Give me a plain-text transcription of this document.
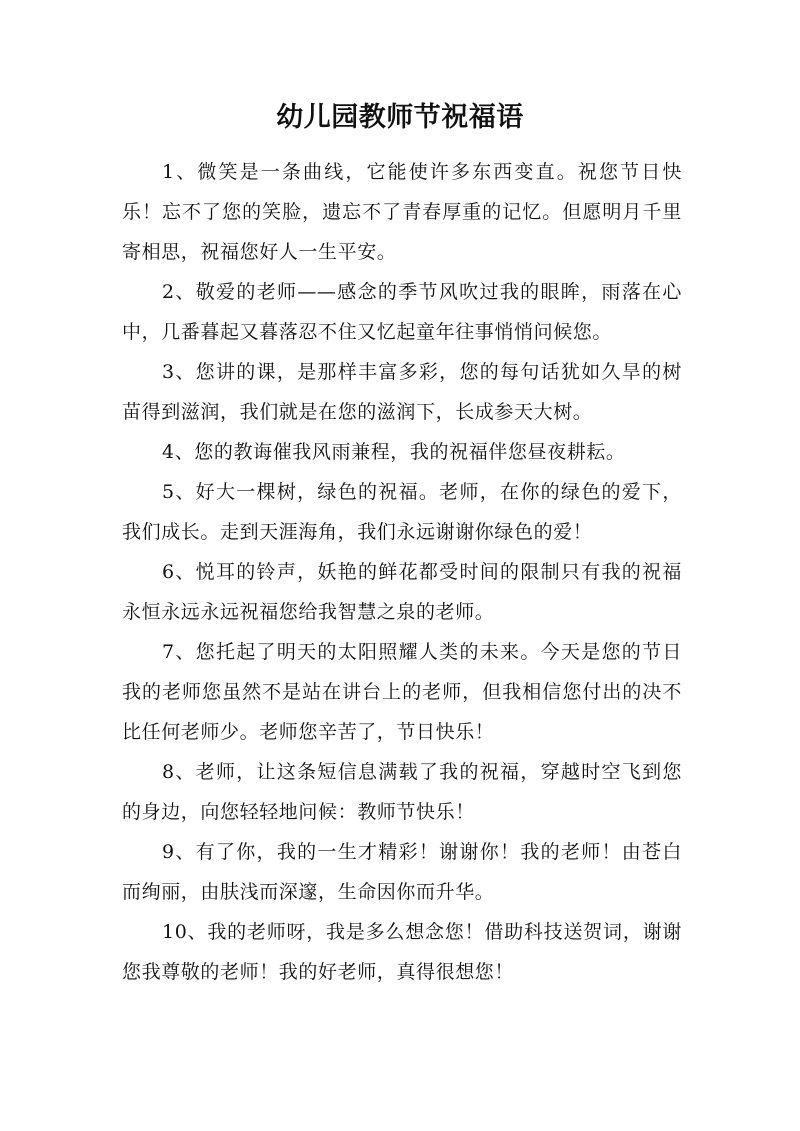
幼儿园教师节祝福语

1、微笑是一条曲线，它能使许多东西变直。祝您节日快乐！忘不了您的笑脸，遗忘不了青春厚重的记忆。但愿明月千里寄相思，祝福您好人一生平安。

2、敬爱的老师——感念的季节风吹过我的眼眸，雨落在心中，几番暮起又暮落忍不住又忆起童年往事悄悄问候您。

3、您讲的课，是那样丰富多彩，您的每句话犹如久旱的树苗得到滋润，我们就是在您的滋润下，长成参天大树。

4、您的教诲催我风雨兼程，我的祝福伴您昼夜耕耘。

5、好大一棵树，绿色的祝福。老师，在你的绿色的爱下，我们成长。走到天涯海角，我们永远谢谢你绿色的爱！

6、悦耳的铃声，妖艳的鲜花都受时间的限制只有我的祝福永恒永远永远祝福您给我智慧之泉的老师。

7、您托起了明天的太阳照耀人类的未来。今天是您的节日我的老师您虽然不是站在讲台上的老师，但我相信您付出的决不比任何老师少。老师您辛苦了，节日快乐！

8、老师，让这条短信息满载了我的祝福，穿越时空飞到您的身边，向您轻轻地问候：教师节快乐！

9、有了你，我的一生才精彩！谢谢你！我的老师！由苍白而绚丽，由肤浅而深邃，生命因你而升华。

10、我的老师呀，我是多么想念您！借助科技送贺词，谢谢您我尊敬的老师！我的好老师，真得很想您！
